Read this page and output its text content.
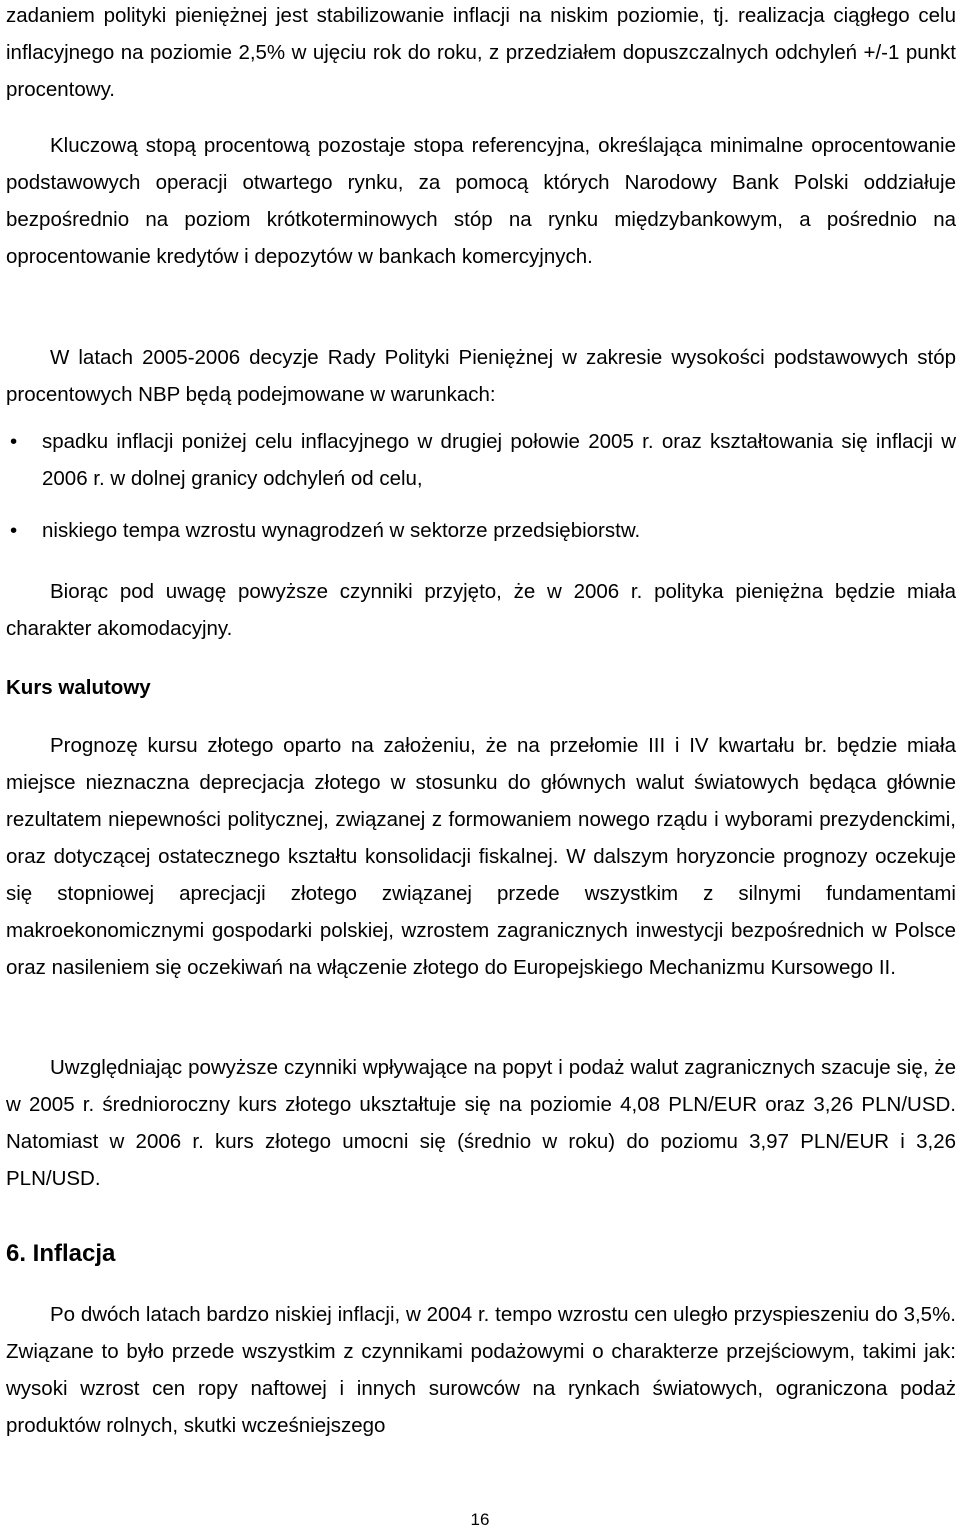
zadaniem polityki pieniężnej jest stabilizowanie inflacji na niskim poziomie, tj. realizacja ciągłego celu inflacyjnego na poziomie 2,5% w ujęciu rok do roku, z przedziałem dopuszczalnych odchyleń +/-1 punkt procentowy.

Kluczową stopą procentową pozostaje stopa referencyjna, określająca minimalne oprocentowanie podstawowych operacji otwartego rynku, za pomocą których Narodowy Bank Polski oddziałuje bezpośrednio na poziom krótkoterminowych stóp na rynku międzybankowym, a pośrednio na oprocentowanie kredytów i depozytów w bankach komercyjnych.

W latach 2005-2006 decyzje Rady Polityki Pieniężnej w zakresie wysokości podstawowych stóp procentowych NBP będą podejmowane w warunkach:

• spadku inflacji poniżej celu inflacyjnego w drugiej połowie 2005 r. oraz kształtowania się inflacji w 2006 r. w dolnej granicy odchyleń od celu,
• niskiego tempa wzrostu wynagrodzeń w sektorze przedsiębiorstw.

Biorąc pod uwagę powyższe czynniki przyjęto, że w 2006 r. polityka pieniężna będzie miała charakter akomodacyjny.

Kurs walutowy

Prognozę kursu złotego oparto na założeniu, że na przełomie III i IV kwartału br. będzie miała miejsce nieznaczna deprecjacja złotego w stosunku do głównych walut światowych będąca głównie rezultatem niepewności politycznej, związanej z formowaniem nowego rządu i wyborami prezydenckimi, oraz dotyczącej ostatecznego kształtu konsolidacji fiskalnej. W dalszym horyzoncie prognozy oczekuje się stopniowej aprecjacji złotego związanej przede wszystkim z silnymi fundamentami makroekonomicznymi gospodarki polskiej, wzrostem zagranicznych inwestycji bezpośrednich w Polsce oraz nasileniem się oczekiwań na włączenie złotego do Europejskiego Mechanizmu Kursowego II.

Uwzględniając powyższe czynniki wpływające na popyt i podaż walut zagranicznych szacuje się, że w 2005 r. średnioroczny kurs złotego ukształtuje się na poziomie 4,08 PLN/EUR oraz 3,26 PLN/USD. Natomiast w 2006 r. kurs złotego umocni się (średnio w roku) do poziomu 3,97 PLN/EUR i 3,26 PLN/USD.

6. Inflacja

Po dwóch latach bardzo niskiej inflacji, w 2004 r. tempo wzrostu cen uległo przyspieszeniu do 3,5%. Związane to było przede wszystkim z czynnikami podażowymi o charakterze przejściowym, takimi jak: wysoki wzrost cen ropy naftowej i innych surowców na rynkach światowych, ograniczona podaż produktów rolnych, skutki wcześniejszego

16
